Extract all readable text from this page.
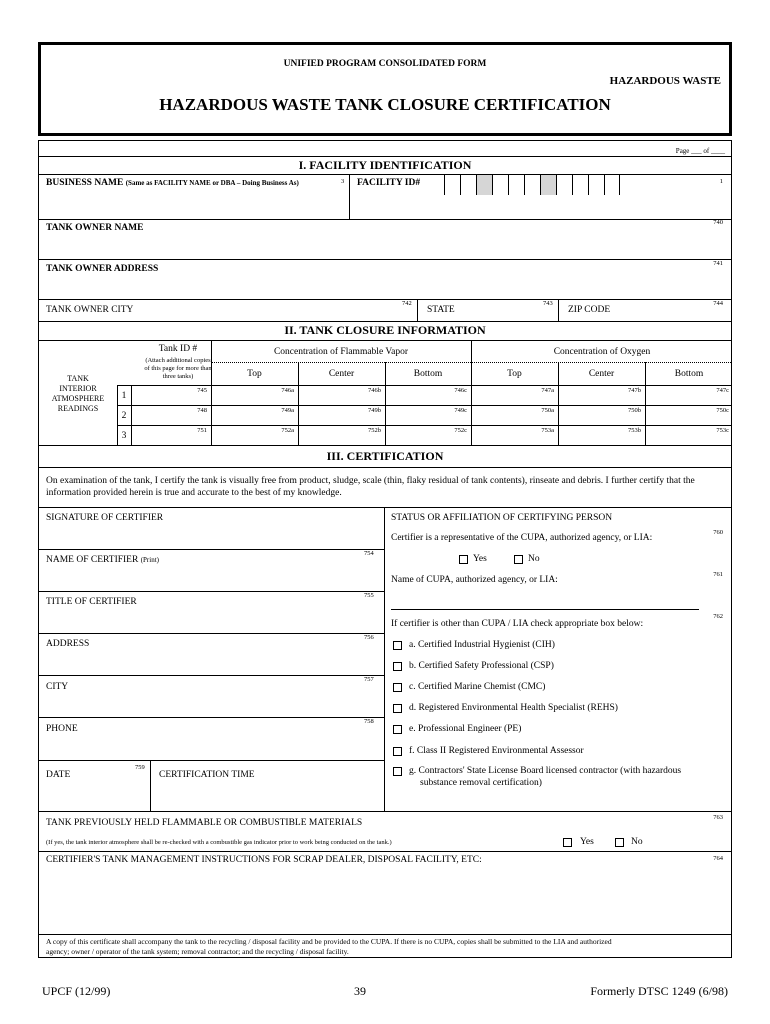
UNIFIED PROGRAM CONSOLIDATED FORM
HAZARDOUS WASTE
HAZARDOUS WASTE TANK CLOSURE CERTIFICATION
Page ___ of ____
I. FACILITY IDENTIFICATION
BUSINESS NAME (Same as FACILITY NAME or DBA – Doing Business As)	3 FACILITY ID#	1
TANK OWNER NAME
740
TANK OWNER ADDRESS
741
TANK OWNER CITY
742
STATE
743
ZIP CODE
744
II. TANK CLOSURE INFORMATION
TANK
INTERIOR
ATMOSPHERE
READINGS
Tank ID #
(Attach additional copies
of this page for more than
three tanks)
Concentration of Flammable Vapor	Concentration of Oxygen
Top	Center	Bottom	Top	Center	Bottom
1
745	746a	746b	746c	747a	747b	747c
2
748	749a	749b	749c	750a	750b	750c
3
751	752a	752b	752c	753a	753b	753c
III. CERTIFICATION
On examination of the tank, I certify the tank is visually free from product, sludge, scale (thin, flaky residual of tank contents), rinseate and debris. I further certify that the information provided herein is true and accurate to the best of my knowledge.
SIGNATURE OF CERTIFIER
NAME OF CERTIFIER (Print)
754
TITLE OF CERTIFIER
755
ADDRESS
756
CITY
757
PHONE
758
DATE
759
CERTIFICATION TIME
STATUS OR AFFILIATION OF CERTIFYING PERSON
760
Certifier is a representative of the CUPA, authorized agency, or LIA:
Yes	No
761
Name of CUPA, authorized agency, or LIA:
762
If certifier is other than CUPA / LIA check appropriate box below:
a. Certified Industrial Hygienist (CIH)
b. Certified Safety Professional (CSP)
c. Certified Marine Chemist (CMC)
d. Registered Environmental Health Specialist (REHS)
e. Professional Engineer (PE)
f. Class II Registered Environmental Assessor
g. Contractors' State License Board licensed contractor (with hazardous
substance removal certification)
TANK PREVIOUSLY HELD FLAMMABLE OR COMBUSTIBLE MATERIALS
763
(If yes, the tank interior atmosphere shall be re-checked with a combustible gas indicator prior to work being conducted on the tank.)	Yes	No
CERTIFIER'S TANK MANAGEMENT INSTRUCTIONS FOR SCRAP DEALER, DISPOSAL FACILITY, ETC:	764
A copy of this certificate shall accompany the tank to the recycling / disposal facility and be provided to the CUPA. If there is no CUPA, copies shall be submitted to the LIA and authorized
agency; owner / operator of the tank system; removal contractor; and the recycling / disposal facility.
UPCF (12/99)	39	Formerly DTSC 1249 (6/98)
